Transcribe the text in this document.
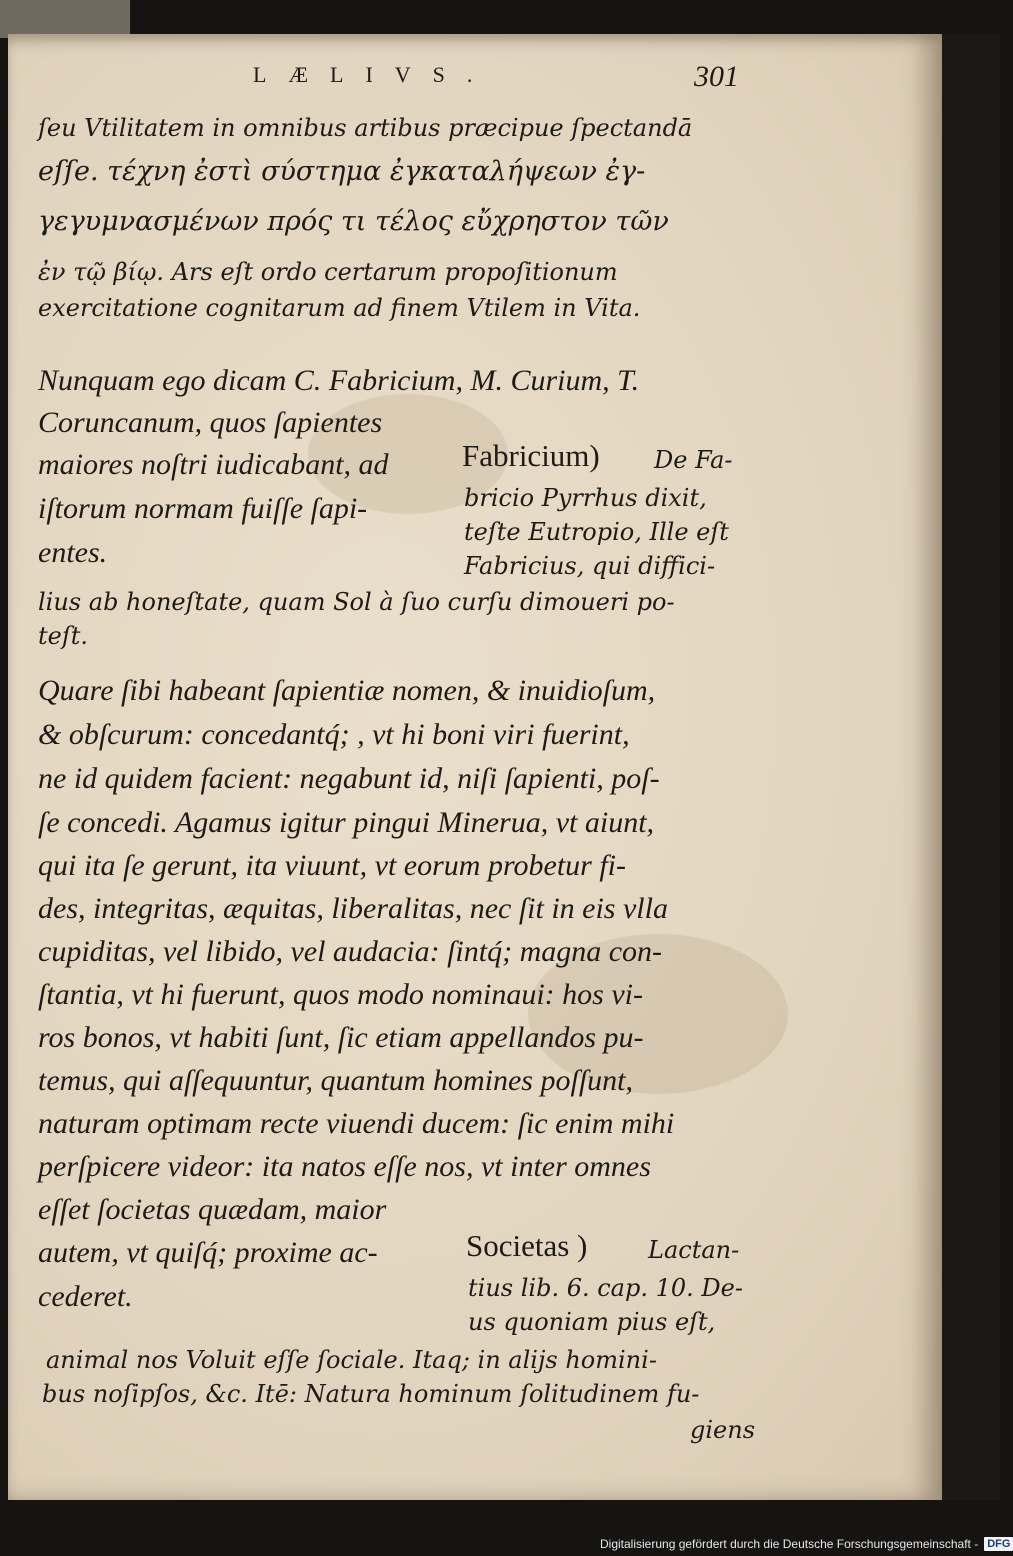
LÆLIVS.	301
ſeu Vtilitatem in omnibus artibus præcipue ſpectandā
eſſe. τέχνη ἐστὶ σύστημα ἐγκαταλήψεων ἐγ-
γεγυμνασμένων πρός τι τέλος εὔχρηστον τῶν
ἐν τῷ βίῳ. Ars eſt ordo certarum propoſitionum
exercitatione cognitarum ad finem Vtilem in Vita.
Nunquam ego dicam C. Fabricium, M. Curium, T.
Coruncanum, quos ſapientes
maiores noſtri iudicabant, ad
iſtorum normam fuiſſe ſapi-
entes.
Fabricium) De Fa-
bricio Pyrrhus dixit,
teſte Eutropio, Ille eſt
Fabricius, qui diffici-
lius ab honeſtate, quam Sol à ſuo curſu dimoueri po-
teſt.
Quare ſibi habeant ſapientiæ nomen, & inuidioſum,
& obſcurum: concedantq́; , vt hi boni viri fuerint,
ne id quidem facient: negabunt id, niſi ſapienti, poſ-
ſe concedi. Agamus igitur pingui Minerua, vt aiunt,
qui ita ſe gerunt, ita viuunt, vt eorum probetur fi-
des, integritas, æquitas, liberalitas, nec ſit in eis vlla
cupiditas, vel libido, vel audacia: ſintq́; magna con-
ſtantia, vt hi fuerunt, quos modo nominaui: hos vi-
ros bonos, vt habiti ſunt, ſic etiam appellandos pu-
temus, qui aſſequuntur, quantum homines poſſunt,
naturam optimam recte viuendi ducem: ſic enim mihi
perſpicere videor: ita natos eſſe nos, vt inter omnes
eſſet ſocietas quædam, maior
autem, vt quiſq́; proxime ac-
cederet.
Societas )	Lactan-
tius lib. 6. cap. 10. De-
us quoniam pius eſt,
animal nos Voluit eſſe ſociale. Itaq; in alijs homini-
bus noſipſos, &c. Itē: Natura hominum ſolitudinem fu-
giens
Digitalisierung gefördert durch die Deutsche Forschungsgemeinschaft - DFG
